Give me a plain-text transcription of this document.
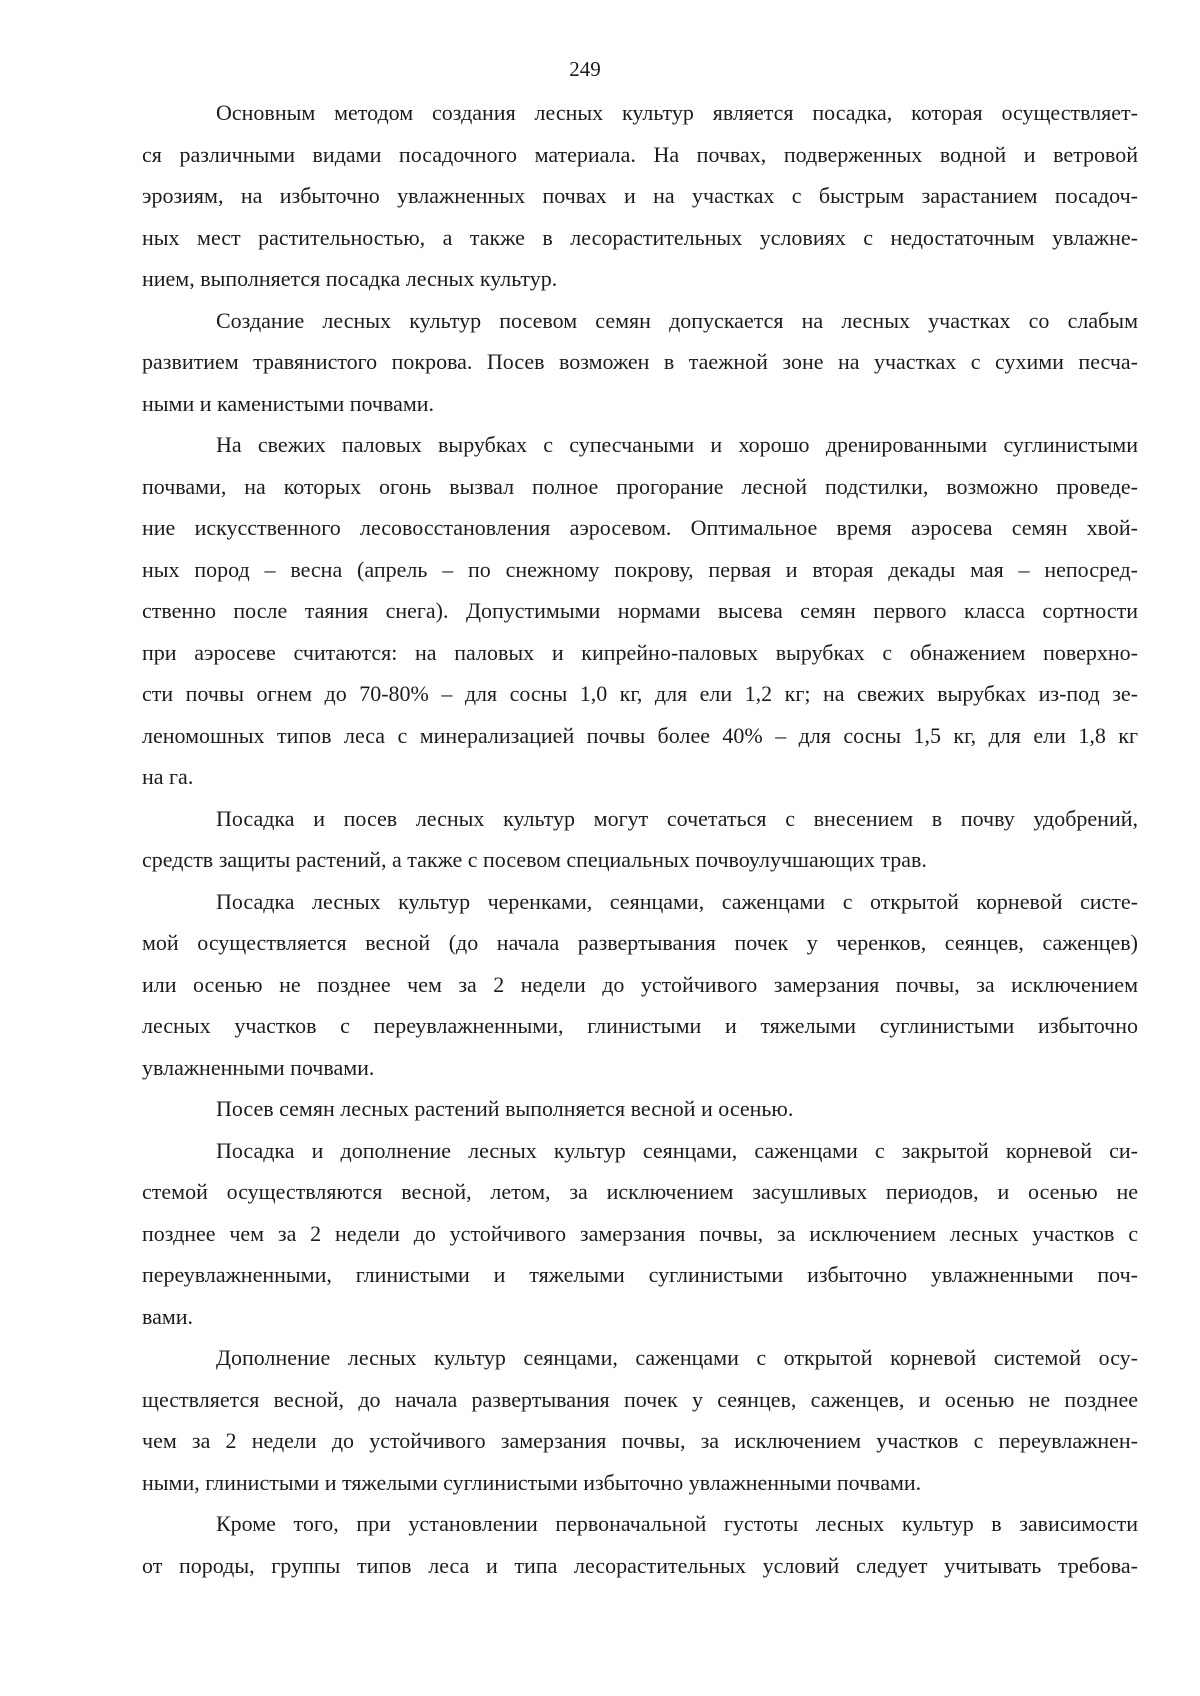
249
Основным методом создания лесных культур является посадка, которая осуществляет-
ся различными видами посадочного материала. На почвах, подверженных водной и ветровой
эрозиям, на избыточно увлажненных почвах и на участках с быстрым зарастанием посадоч-
ных мест растительностью, а также в лесорастительных условиях с недостаточным увлажне-
нием, выполняется посадка лесных культур.
Создание лесных культур посевом семян допускается на лесных участках со слабым
развитием травянистого покрова. Посев возможен в таежной зоне на участках с сухими песча-
ными и каменистыми почвами.
На свежих паловых вырубках с супесчаными и хорошо дренированными суглинистыми
почвами, на которых огонь вызвал полное прогорание лесной подстилки, возможно проведе-
ние искусственного лесовосстановления аэросевом. Оптимальное время аэросева семян хвой-
ных пород – весна (апрель – по снежному покрову, первая и вторая декады мая – непосред-
ственно после таяния снега). Допустимыми нормами высева семян первого класса сортности
при аэросеве считаются: на паловых и кипрейно-паловых вырубках с обнажением поверхно-
сти почвы огнем до 70-80% – для сосны 1,0 кг, для ели 1,2 кг; на свежих вырубках из-под зе-
леномошных типов леса с минерализацией почвы более 40% – для сосны 1,5 кг, для ели 1,8 кг
на га.
Посадка и посев лесных культур могут сочетаться с внесением в почву удобрений,
средств защиты растений, а также с посевом специальных почвоулучшающих трав.
Посадка лесных культур черенками, сеянцами, саженцами с открытой корневой систе-
мой осуществляется весной (до начала развертывания почек у черенков, сеянцев, саженцев)
или осенью не позднее чем за 2 недели до устойчивого замерзания почвы, за исключением
лесных участков с переувлажненными, глинистыми и тяжелыми суглинистыми избыточно
увлажненными почвами.
Посев семян лесных растений выполняется весной и осенью.
Посадка и дополнение лесных культур сеянцами, саженцами с закрытой корневой си-
стемой осуществляются весной, летом, за исключением засушливых периодов, и осенью не
позднее чем за 2 недели до устойчивого замерзания почвы, за исключением лесных участков с
переувлажненными, глинистыми и тяжелыми суглинистыми избыточно увлажненными поч-
вами.
Дополнение лесных культур сеянцами, саженцами с открытой корневой системой осу-
ществляется весной, до начала развертывания почек у сеянцев, саженцев, и осенью не позднее
чем за 2 недели до устойчивого замерзания почвы, за исключением участков с переувлажнен-
ными, глинистыми и тяжелыми суглинистыми избыточно увлажненными почвами.
Кроме того, при установлении первоначальной густоты лесных культур в зависимости
от породы, группы типов леса и типа лесорастительных условий следует учитывать требова-
